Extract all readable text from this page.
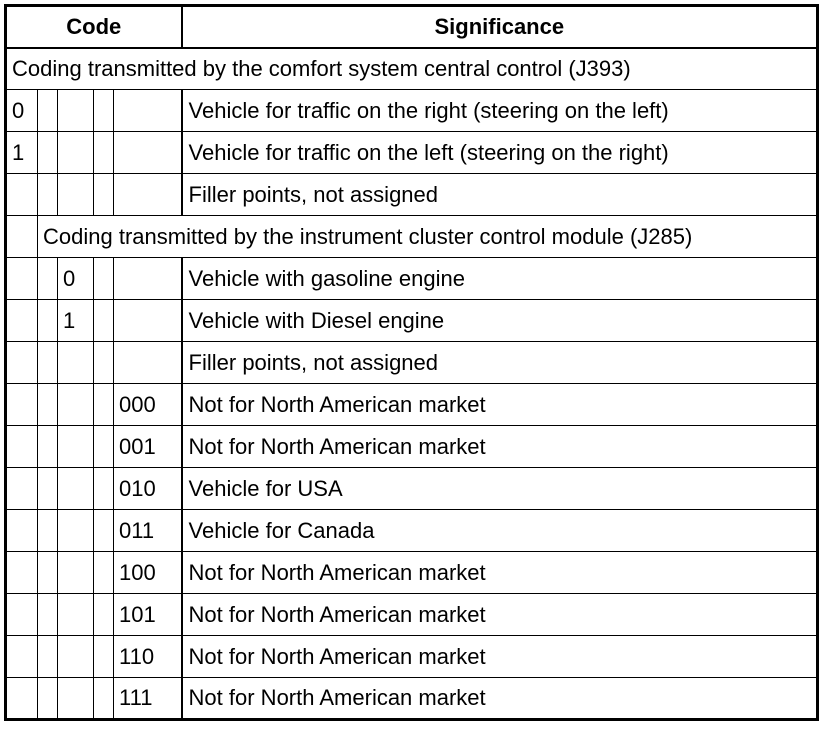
Code					Significance
Coding transmitted by the comfort system central control (J393)					
0					Vehicle for traffic on the right (steering on the left)
1					Vehicle for traffic on the left (steering on the right)
					Filler points, not assigned
	Coding transmitted by the instrument cluster control module (J285)				
		0			Vehicle with gasoline engine
		1			Vehicle with Diesel engine
					Filler points, not assigned
				000	Not for North American market
				001	Not for North American market
				010	Vehicle for USA
				011	Vehicle for Canada
				100	Not for North American market
				101	Not for North American market
				110	Not for North American market
				111	Not for North American market
